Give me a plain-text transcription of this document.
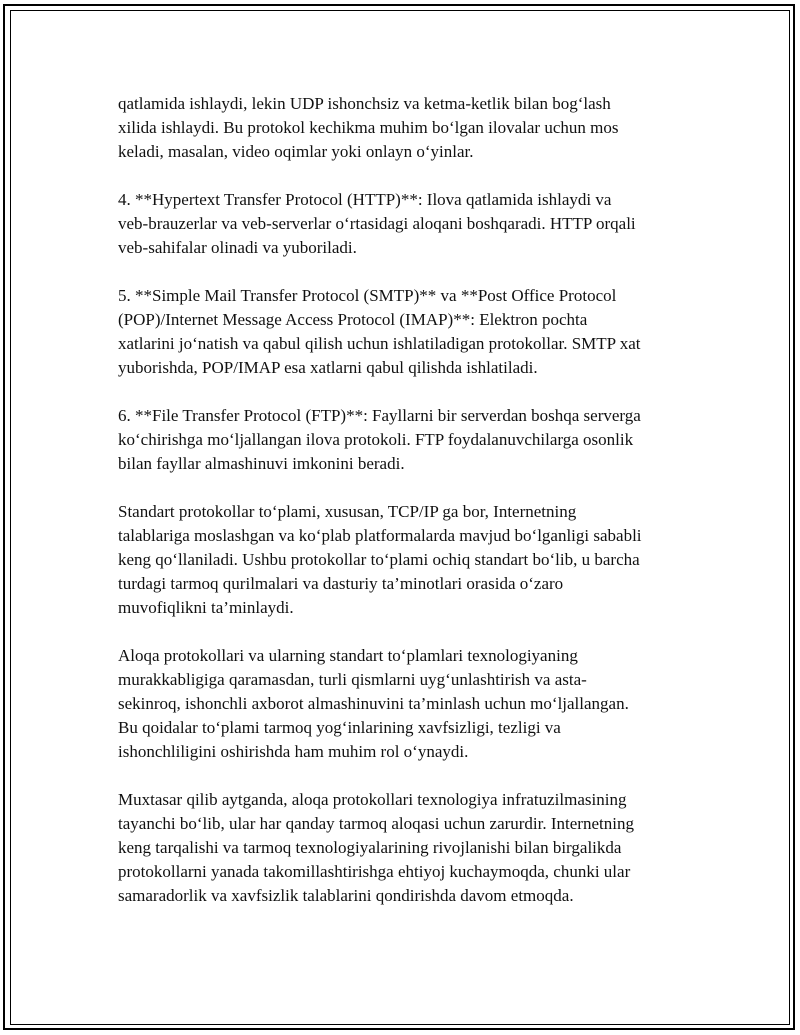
qatlamida ishlaydi, lekin UDP ishonchsiz va ketma-ketlik bilan bog‘lash
xilida ishlaydi. Bu protokol kechikma muhim bo‘lgan ilovalar uchun mos
keladi, masalan, video oqimlar yoki onlayn o‘yinlar.

4. **Hypertext Transfer Protocol (HTTP)**: Ilova qatlamida ishlaydi va
veb-brauzerlar va veb-serverlar o‘rtasidagi aloqani boshqaradi. HTTP orqali
veb-sahifalar olinadi va yuboriladi.

5. **Simple Mail Transfer Protocol (SMTP)** va **Post Office Protocol
(POP)/Internet Message Access Protocol (IMAP)**: Elektron pochta
xatlarini jo‘natish va qabul qilish uchun ishlatiladigan protokollar. SMTP xat
yuborishda, POP/IMAP esa xatlarni qabul qilishda ishlatiladi.

6. **File Transfer Protocol (FTP)**: Fayllarni bir serverdan boshqa serverga
ko‘chirishga mo‘ljallangan ilova protokoli. FTP foydalanuvchilarga osonlik
bilan fayllar almashinuvi imkonini beradi.

Standart protokollar to‘plami, xususan, TCP/IP ga bor, Internetning
talablariga moslashgan va ko‘plab platformalarda mavjud bo‘lganligi sababli
keng qo‘llaniladi. Ushbu protokollar to‘plami ochiq standart bo‘lib, u barcha
turdagi tarmoq qurilmalari va dasturiy ta’minotlari orasida o‘zaro
muvofiqlikni ta’minlaydi.

Aloqa protokollari va ularning standart to‘plamlari texnologiyaning
murakkabligiga qaramasdan, turli qismlarni uyg‘unlashtirish va asta-
sekinroq, ishonchli axborot almashinuvini ta’minlash uchun mo‘ljallangan.
Bu qoidalar to‘plami tarmoq yog‘inlarining xavfsizligi, tezligi va
ishonchliligini oshirishda ham muhim rol o‘ynaydi.

Muxtasar qilib aytganda, aloqa protokollari texnologiya infratuzilmasining
tayanchi bo‘lib, ular har qanday tarmoq aloqasi uchun zarurdir. Internetning
keng tarqalishi va tarmoq texnologiyalarining rivojlanishi bilan birgalikda
protokollarni yanada takomillashtirishga ehtiyoj kuchaymoqda, chunki ular
samaradorlik va xavfsizlik talablarini qondirishda davom etmoqda.
